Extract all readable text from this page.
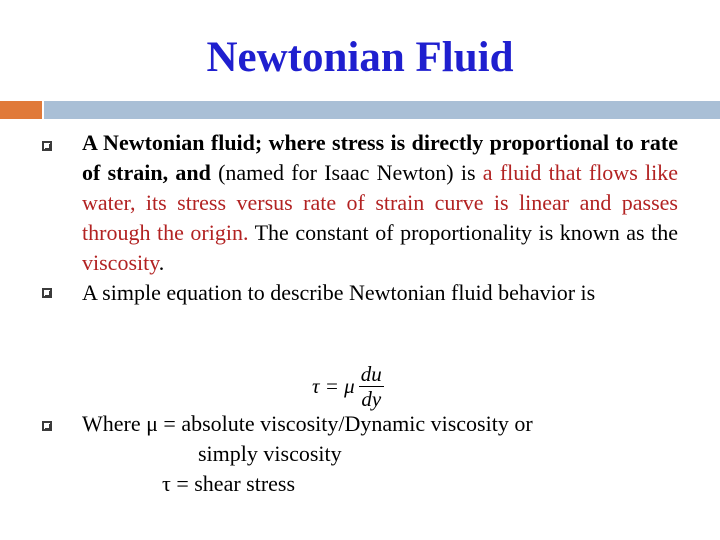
Newtonian Fluid
A Newtonian fluid; where stress is directly proportional to rate of strain, and (named for Isaac Newton) is a fluid that flows like water, its stress versus rate of strain curve is linear and passes through the origin. The constant of proportionality is known as the viscosity.
A simple equation to describe Newtonian fluid behavior is
τ = μ $\frac{du}{dy}$
Where μ = absolute viscosity/Dynamic viscosity or
simply viscosity
τ = shear stress
